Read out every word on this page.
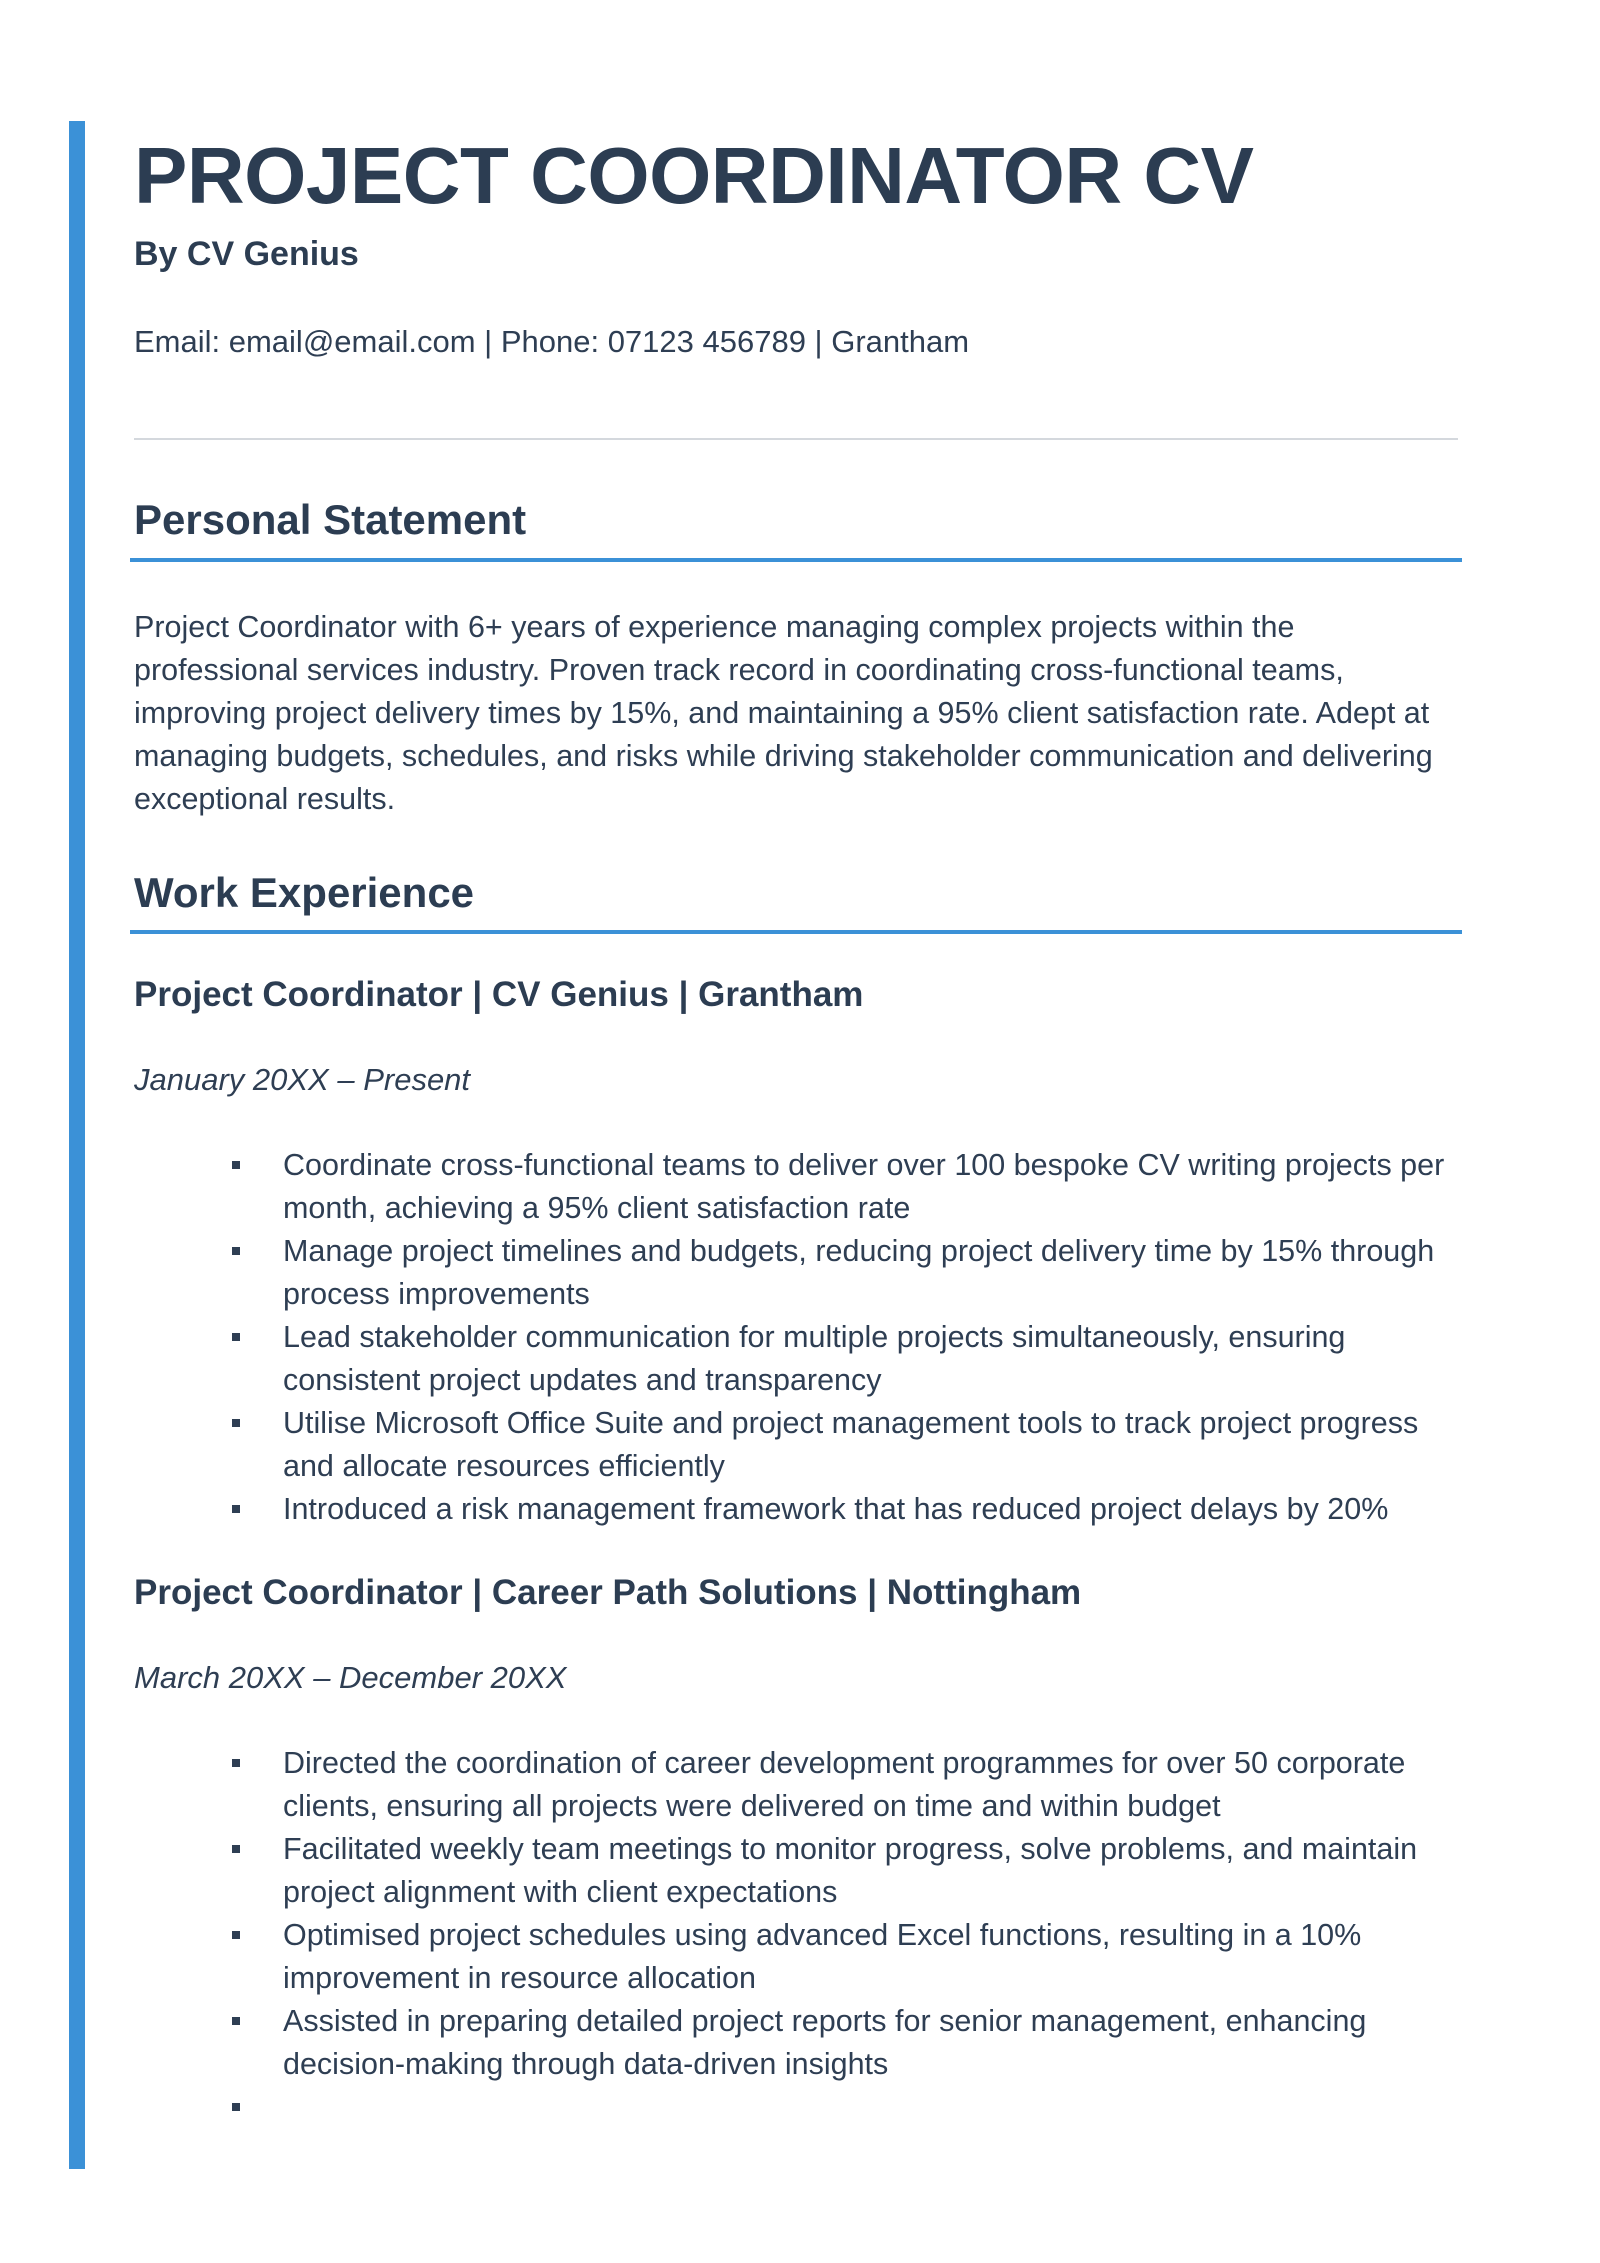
PROJECT COORDINATOR CV

By CV Genius

Email: email@email.com | Phone: 07123 456789 | Grantham

Personal Statement

Project Coordinator with 6+ years of experience managing complex projects within the professional services industry. Proven track record in coordinating cross-functional teams, improving project delivery times by 15%, and maintaining a 95% client satisfaction rate. Adept at managing budgets, schedules, and risks while driving stakeholder communication and delivering exceptional results.

Work Experience
Project Coordinator | CV Genius | Grantham

January 20XX – Present

Coordinate cross-functional teams to deliver over 100 bespoke CV writing projects per month, achieving a 95% client satisfaction rate
Manage project timelines and budgets, reducing project delivery time by 15% through process improvements
Lead stakeholder communication for multiple projects simultaneously, ensuring consistent project updates and transparency
Utilise Microsoft Office Suite and project management tools to track project progress and allocate resources efficiently
Introduced a risk management framework that has reduced project delays by 20%
Project Coordinator | Career Path Solutions | Nottingham

March 20XX – December 20XX

Directed the coordination of career development programmes for over 50 corporate clients, ensuring all projects were delivered on time and within budget
Facilitated weekly team meetings to monitor progress, solve problems, and maintain project alignment with client expectations
Optimised project schedules using advanced Excel functions, resulting in a 10% improvement in resource allocation
Assisted in preparing detailed project reports for senior management, enhancing decision-making through data-driven insights
